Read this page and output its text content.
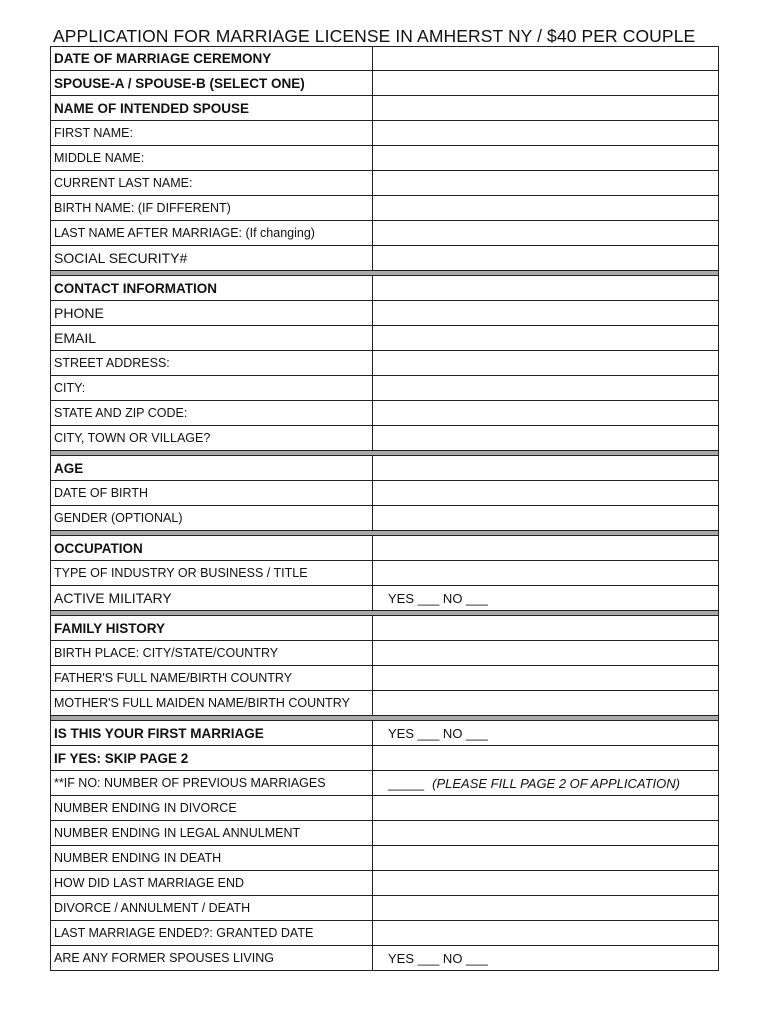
APPLICATION FOR MARRIAGE LICENSE IN AMHERST NY / $40 PER COUPLE
DATE OF MARRIAGE CEREMONY
SPOUSE-A / SPOUSE-B (SELECT ONE)
NAME OF INTENDED SPOUSE
FIRST NAME:
MIDDLE NAME:
CURRENT LAST NAME:
BIRTH NAME: (IF DIFFERENT)
LAST NAME AFTER MARRIAGE: (If changing)
SOCIAL SECURITY#
CONTACT INFORMATION
PHONE
EMAIL
STREET ADDRESS:
CITY:
STATE AND ZIP CODE:
CITY, TOWN OR VILLAGE?
AGE
DATE OF BIRTH
GENDER (OPTIONAL)
OCCUPATION
TYPE OF INDUSTRY OR BUSINESS / TITLE
ACTIVE MILITARY	YES ___ NO ___
FAMILY HISTORY
BIRTH PLACE: CITY/STATE/COUNTRY
FATHER'S FULL NAME/BIRTH COUNTRY
MOTHER'S FULL MAIDEN NAME/BIRTH COUNTRY
IS THIS YOUR FIRST MARRIAGE	YES ___ NO ___
IF YES: SKIP PAGE 2
**IF NO: NUMBER OF PREVIOUS MARRIAGES	_____ (PLEASE FILL PAGE 2 OF APPLICATION)
NUMBER ENDING IN DIVORCE
NUMBER ENDING IN LEGAL ANNULMENT
NUMBER ENDING IN DEATH
HOW DID LAST MARRIAGE END
DIVORCE / ANNULMENT / DEATH
LAST MARRIAGE ENDED?: GRANTED DATE
ARE ANY FORMER SPOUSES LIVING	YES ___ NO ___
